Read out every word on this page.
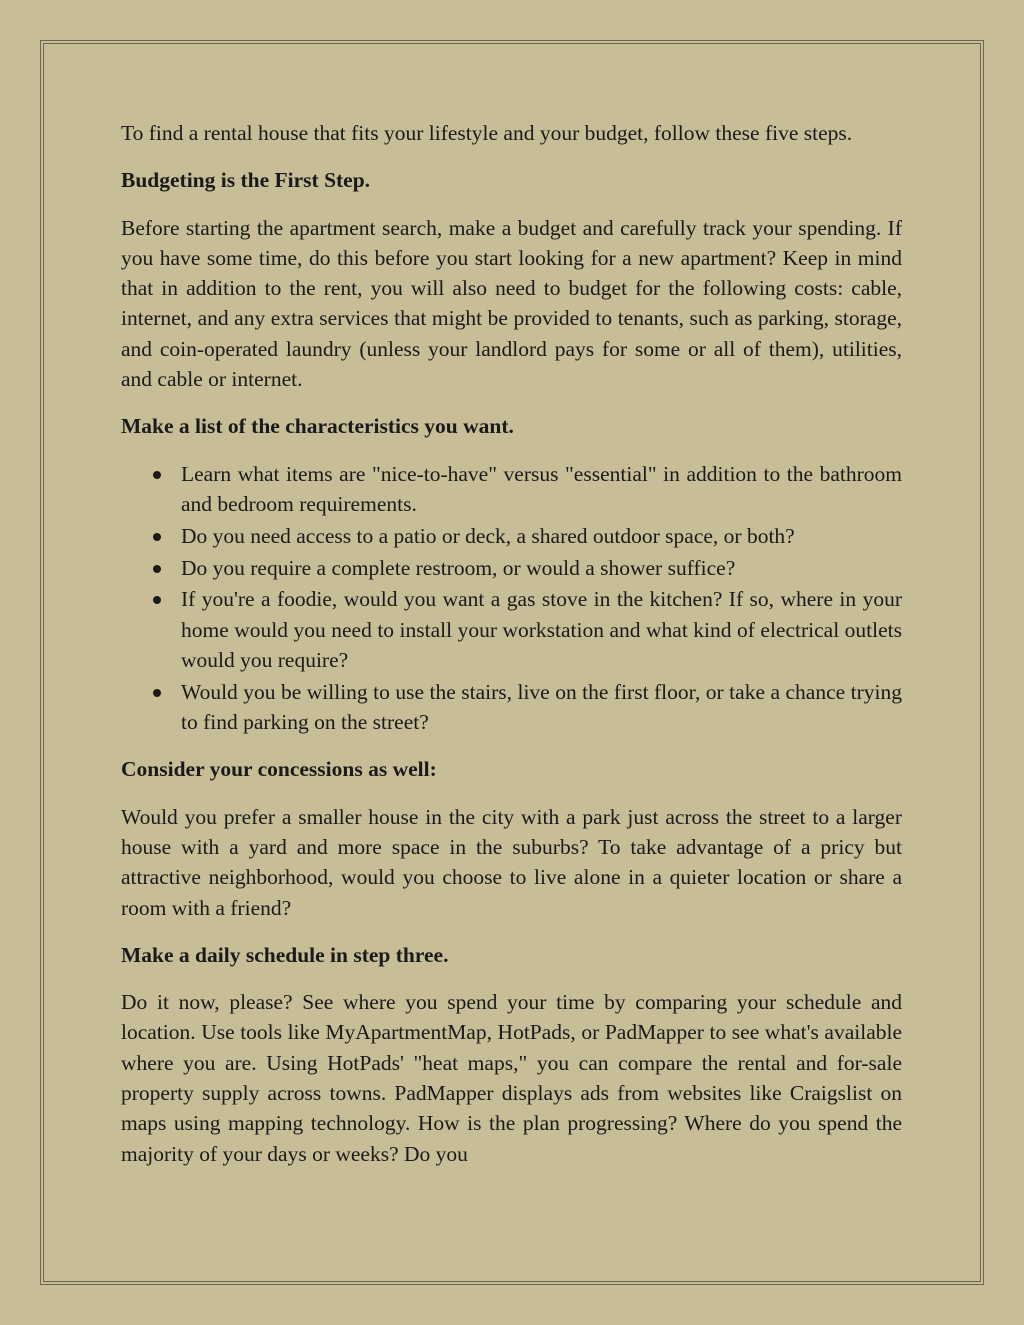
To find a rental house that fits your lifestyle and your budget, follow these five steps.

Budgeting is the First Step.

Before starting the apartment search, make a budget and carefully track your spending. If you have some time, do this before you start looking for a new apartment? Keep in mind that in addition to the rent, you will also need to budget for the following costs: cable, internet, and any extra services that might be provided to tenants, such as parking, storage, and coin-operated laundry (unless your landlord pays for some or all of them), utilities, and cable or internet.

Make a list of the characteristics you want.

Learn what items are "nice-to-have" versus "essential" in addition to the bathroom and bedroom requirements.
Do you need access to a patio or deck, a shared outdoor space, or both?
Do you require a complete restroom, or would a shower suffice?
If you're a foodie, would you want a gas stove in the kitchen? If so, where in your home would you need to install your workstation and what kind of electrical outlets would you require?
Would you be willing to use the stairs, live on the first floor, or take a chance trying to find parking on the street?

Consider your concessions as well:

Would you prefer a smaller house in the city with a park just across the street to a larger house with a yard and more space in the suburbs? To take advantage of a pricy but attractive neighborhood, would you choose to live alone in a quieter location or share a room with a friend?

Make a daily schedule in step three.

Do it now, please? See where you spend your time by comparing your schedule and location. Use tools like MyApartmentMap, HotPads, or PadMapper to see what's available where you are. Using HotPads' "heat maps," you can compare the rental and for-sale property supply across towns. PadMapper displays ads from websites like Craigslist on maps using mapping technology. How is the plan progressing? Where do you spend the majority of your days or weeks? Do you
